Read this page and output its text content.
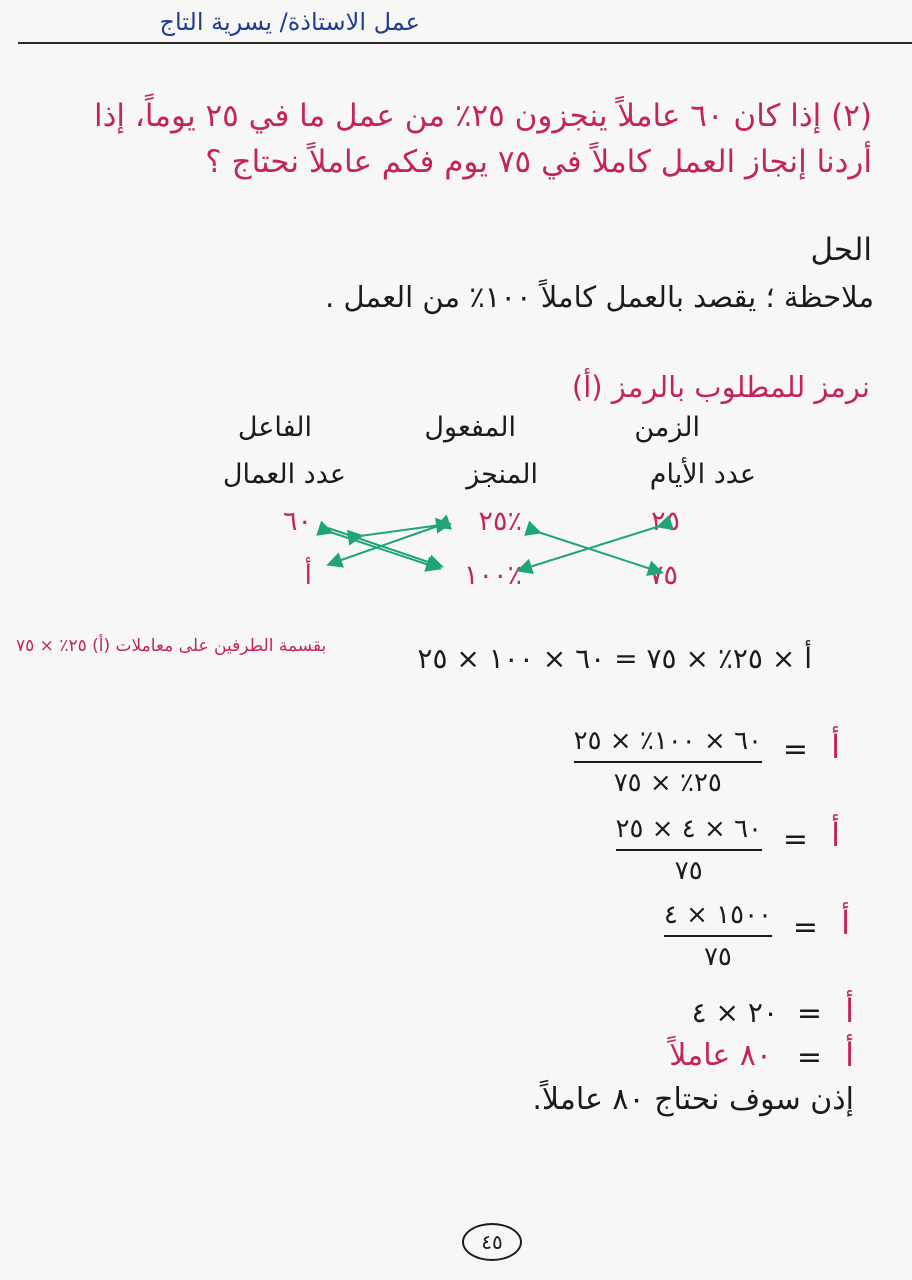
عمل الاستاذة/ يسرية التاج
(٢) إذا كان ٦٠ عاملاً ينجزون ٢٥٪ من عمل ما في ٢٥ يوماً، إذا
أردنا إنجاز العمل كاملاً في ٧٥ يوم فكم عاملاً نحتاج ؟
الحل
ملاحظة ؛ يقصد بالعمل كاملاً ١٠٠٪ من العمل .
نرمز للمطلوب بالرمز (أ)
الفاعل	المفعول	الزمن
عدد العمال	المنجز	عدد الأيام
٦٠	٢٥٪	٢٥
أ	١٠٠٪	٧٥
أ × ٢٥٪ × ٧٥ = ٦٠ × ١٠٠ × ٢٥
بقسمة الطرفين على معاملات (أ) ٢٥٪ × ٧٥
أ
=
٦٠ × ١٠٠٪ × ٢٥
٢٥٪ × ٧٥
أ
=
٦٠ × ٤ × ٢٥
٧٥
أ
=
١٥٠٠ × ٤
٧٥
أ
=
٢٠ × ٤
أ
=
٨٠ عاملاً
إذن سوف نحتاج ٨٠ عاملاً.
٤٥
